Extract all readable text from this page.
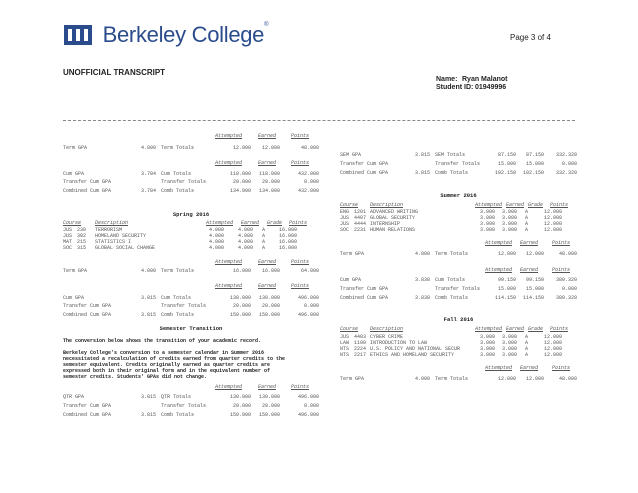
Berkeley College®
Page 3 of 4
UNOFFICIAL TRANSCRIPT
Name: Ryan Malanot
Student ID: 01949996
Attempted	Earned	Points
Term GPA	4.000 Term Totals	12.000	12.000	48.000
Attempted	Earned	Points
Cum GPA	3.784 Cum Totals	118.000	118.000	432.000
Transfer Cum GPA	Transfer Totals	20.000	20.000	0.000
Combined Cum GPA	3.784 Comb Totals	134.000	134.000	432.000
Spring 2016
Course	Description	Attempted Earned Grade Points
JUS 230 TERRORISM	4.000	4.000 A	16.000
JUS 302 HOMELAND SECURITY	4.000	4.000 A	16.000
MAT 215 STATISTICS I	4.000	4.000 A	16.000
SOC 315 GLOBAL SOCIAL CHANGE	4.000	4.000 A	16.000
Attempted	Earned	Points
Term GPA	4.000 Term Totals	16.000	16.000	64.000
Attempted	Earned	Points
Cum GPA	3.815 Cum Totals	130.000	130.000	496.000
Transfer Cum GPA	Transfer Totals	20.000	20.000	0.000
Combined Cum GPA	3.815 Comb Totals	150.000	150.000	496.000
Semester Transition
The conversion below shows the transition of your academic record.
Berkeley College's conversion to a semester calendar in Summer 2016
necessitated a recalculation of credits earned from quarter credits to the
semester equivalent. Credits originally earned as quarter credits are
expressed both in their original form and in the equivalent number of
semester credits. Students' GPAs did not change.
Attempted	Earned	Points
QTR GPA	3.815 QTR Totals	130.000	130.000	496.000
Transfer Cum GPA	Transfer Totals	20.000	20.000	0.000
Combined Cum GPA	3.815 Comb Totals	150.000	150.000	496.000
SEM GPA	3.815 SEM Totals	87.150	87.150	332.320
Transfer Cum GPA	Transfer Totals	15.000	15.000	0.000
Combined Cum GPA	3.815 Comb Totals	102.150	102.150	332.320
Summer 2016
Course Description	Attempted Earned Grade Points
ENG 1201 ADVANCED WRITING	3.000 3.000 A	12.000
JUS 4407 GLOBAL SECURITY	3.000 3.000 A	12.000
JUS 4444 INTERNSHIP	3.000 3.000 A	12.000
SOC 2231 HUMAN RELATIONS	3.000 3.000 A	12.000
Attempted Earned	Points
Term GPA	4.000 Term Totals	12.000	12.000	48.000
Attempted Earned	Points
Cum GPA	3.838 Cum Totals	99.150	99.150	380.320
Transfer Cum GPA	Transfer Totals	15.000	15.000	0.000
Combined Cum GPA	3.838 Comb Totals	114.150	114.150	380.320
Fall 2016
Course Description	Attempted Earned Grade Points
JUS 4403 CYBER CRIME	3.000 3.000 A	12.000
LAW 1100 INTRODUCTION TO LAW	3.000 3.000 A	12.000
NTS 2224 U.S. POLICY AND NATIONAL SECUR	3.000 3.000 A	12.000
NTS 2217 ETHICS AND HOMELAND SECURITY	3.000 3.000 A	12.000
Attempted Earned	Points
Term GPA	4.000 Term Totals	12.000	12.000	48.000
